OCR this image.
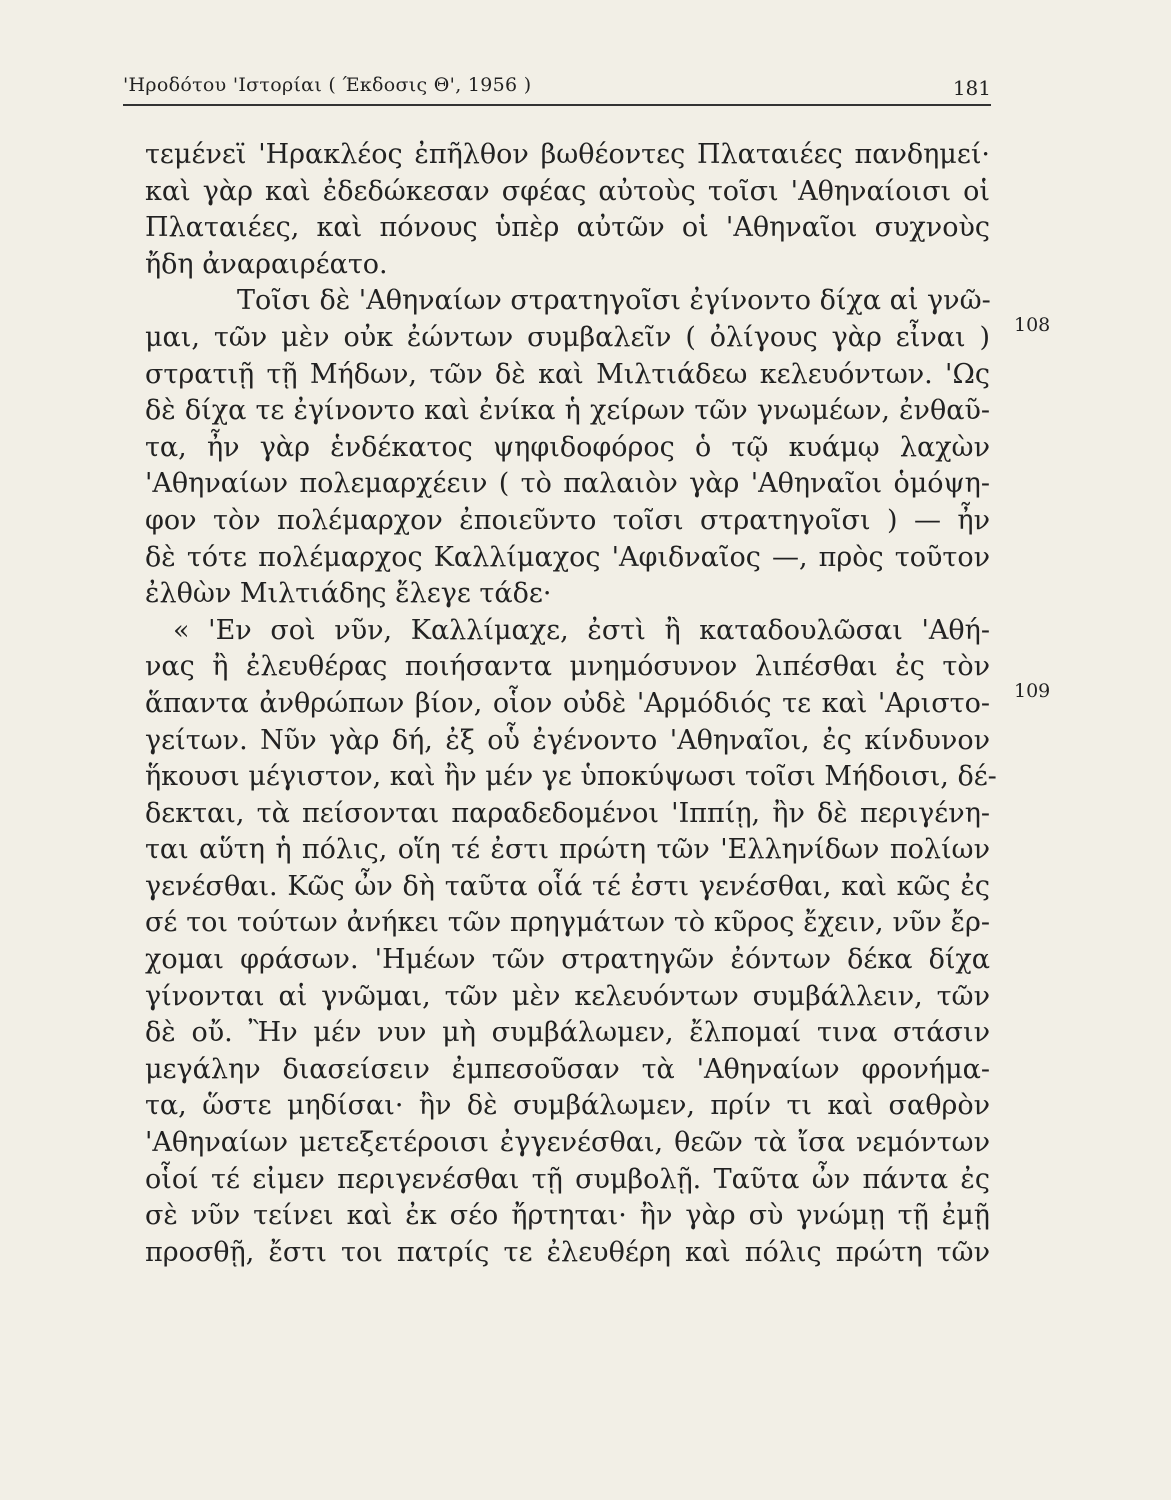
'Ηροδότου 'Ιστορίαι ( Έκδοσις Θ', 1956 )	181
τεμένεϊ 'Ηρακλέος ἐπῆλθον βωθέοντες Πλαταιέες πανδημεί·
καὶ γὰρ καὶ ἐδεδώκεσαν σφέας αὐτοὺς τοῖσι 'Αθηναίοισι οἱ
Πλαταιέες, καὶ πόνους ὑπὲρ αὐτῶν οἱ 'Αθηναῖοι συχνοὺς
ἤδη ἀναραιρέατο.
Τοῖσι δὲ 'Αθηναίων στρατηγοῖσι ἐγίνοντο δίχα αἱ γνῶ-
μαι, τῶν μὲν οὐκ ἐώντων συμβαλεῖν ( ὀλίγους γὰρ εἶναι )
στρατιῇ τῇ Μήδων, τῶν δὲ καὶ Μιλτιάδεω κελευόντων. 'Ως
δὲ δίχα τε ἐγίνοντο καὶ ἐνίκα ἡ χείρων τῶν γνωμέων, ἐνθαῦ-
τα, ἦν γὰρ ἑνδέκατος ψηφιδοφόρος ὁ τῷ κυάμῳ λαχὼν
'Αθηναίων πολεμαρχέειν ( τὸ παλαιὸν γὰρ 'Αθηναῖοι ὁμόψη-
φον τὸν πολέμαρχον ἐποιεῦντο τοῖσι στρατηγοῖσι ) — ἦν
δὲ τότε πολέμαρχος Καλλίμαχος 'Αφιδναῖος —, πρὸς τοῦτον
ἐλθὼν Μιλτιάδης ἔλεγε τάδε·
« 'Εν σοὶ νῦν, Καλλίμαχε, ἐστὶ ἢ καταδουλῶσαι 'Αθή-
νας ἢ ἐλευθέρας ποιήσαντα μνημόσυνον λιπέσθαι ἐς τὸν
ἅπαντα ἀνθρώπων βίον, οἷον οὐδὲ 'Αρμόδιός τε καὶ 'Αριστο-
γείτων. Νῦν γὰρ δή, ἐξ οὗ ἐγένοντο 'Αθηναῖοι, ἐς κίνδυνον
ἥκουσι μέγιστον, καὶ ἢν μέν γε ὑποκύψωσι τοῖσι Μήδοισι, δέ-
δεκται, τὰ πείσονται παραδεδομένοι 'Ιππίῃ, ἢν δὲ περιγένη-
ται αὕτη ἡ πόλις, οἵη τέ ἐστι πρώτη τῶν 'Ελληνίδων πολίων
γενέσθαι. Κῶς ὦν δὴ ταῦτα οἷά τέ ἐστι γενέσθαι, καὶ κῶς ἐς
σέ τοι τούτων ἀνήκει τῶν πρηγμάτων τὸ κῦρος ἔχειν, νῦν ἔρ-
χομαι φράσων. 'Ημέων τῶν στρατηγῶν ἐόντων δέκα δίχα
γίνονται αἱ γνῶμαι, τῶν μὲν κελευόντων συμβάλλειν, τῶν
δὲ οὔ. Ἢν μέν νυν μὴ συμβάλωμεν, ἔλπομαί τινα στάσιν
μεγάλην διασείσειν ἐμπεσοῦσαν τὰ 'Αθηναίων φρονήμα-
τα, ὥστε μηδίσαι· ἢν δὲ συμβάλωμεν, πρίν τι καὶ σαθρὸν
'Αθηναίων μετεξετέροισι ἐγγενέσθαι, θεῶν τὰ ἴσα νεμόντων
οἷοί τέ εἰμεν περιγενέσθαι τῇ συμβολῇ. Ταῦτα ὦν πάντα ἐς
σὲ νῦν τείνει καὶ ἐκ σέο ἤρτηται· ἢν γὰρ σὺ γνώμῃ τῇ ἐμῇ
προσθῇ, ἔστι τοι πατρίς τε ἐλευθέρη καὶ πόλις πρώτη τῶν
108
109
